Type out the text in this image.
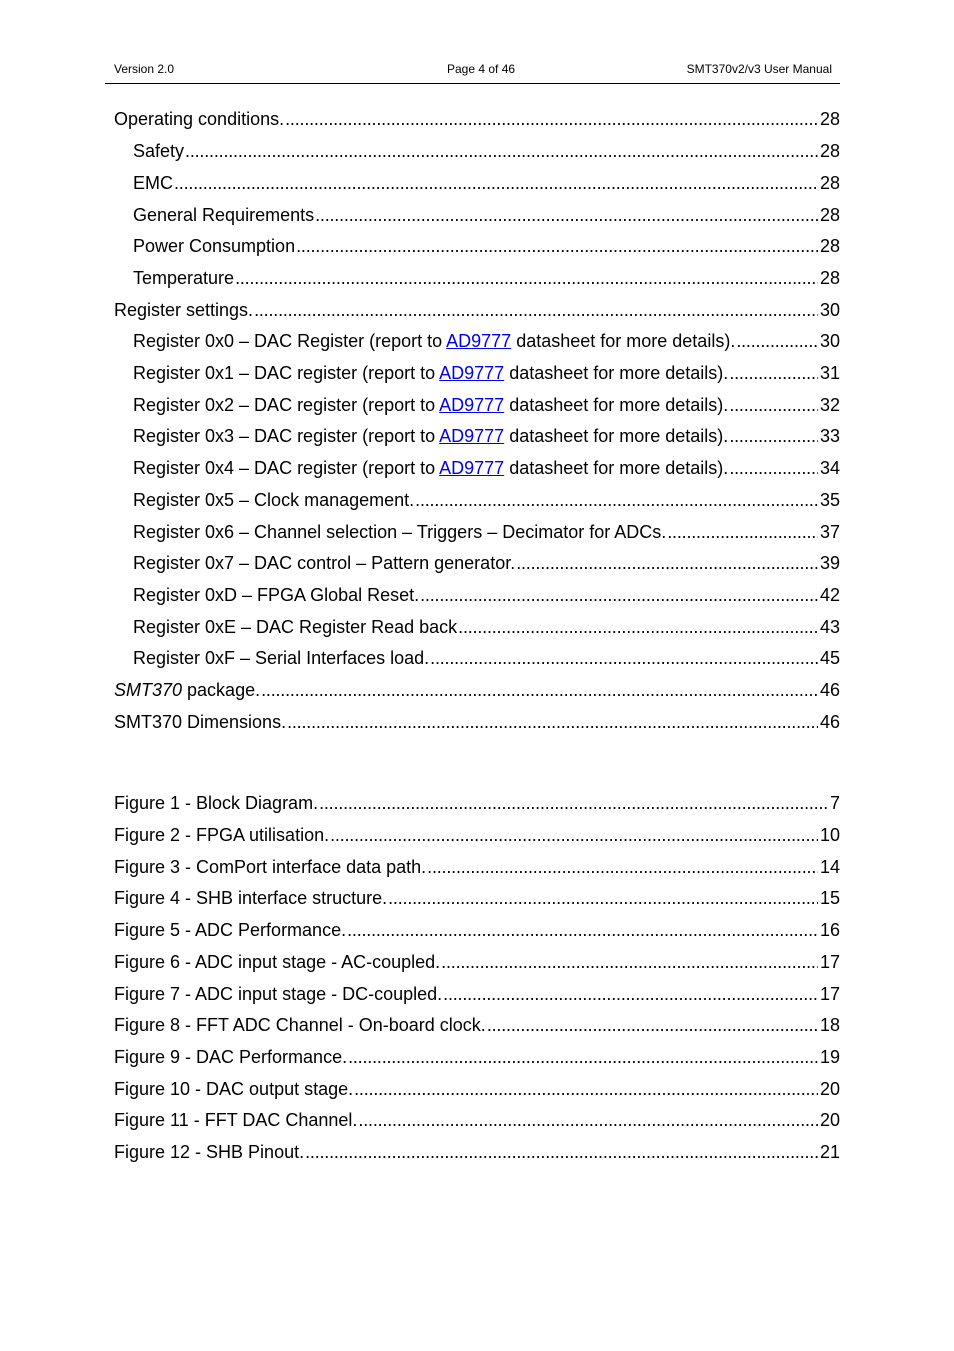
Version 2.0	Page 4 of 46	SMT370v2/v3 User Manual
Operating conditions. . . .	28
Safety . . .	28
EMC . . .	28
General Requirements . . .	28
Power Consumption . . .	28
Temperature . . .	28
Register settings. . . .	30
Register 0x0 – DAC Register (report to AD9777 datasheet for more details). . . .	30
Register 0x1 – DAC register (report to AD9777 datasheet for more details). . . .	31
Register 0x2 – DAC register (report to AD9777 datasheet for more details). . . .	32
Register 0x3 – DAC register (report to AD9777 datasheet for more details). . . .	33
Register 0x4 – DAC register (report to AD9777 datasheet for more details). . . .	34
Register 0x5 – Clock management. . . .	35
Register 0x6 – Channel selection – Triggers – Decimator for ADCs. . . .	37
Register 0x7 – DAC control – Pattern generator. . . .	39
Register 0xD – FPGA Global Reset. . . .	42
Register 0xE – DAC Register Read back . . .	43
Register 0xF – Serial Interfaces load. . . .	45
SMT370 package. . . .	46
SMT370 Dimensions. . . .	46
Figure 1 - Block Diagram. . . .	7
Figure 2 - FPGA utilisation. . . .	10
Figure 3 - ComPort interface data path. . . .	14
Figure 4 - SHB interface structure. . . .	15
Figure 5 - ADC Performance. . . .	16
Figure 6 - ADC input stage - AC-coupled. . . .	17
Figure 7 - ADC input stage - DC-coupled. . . .	17
Figure 8 - FFT ADC Channel - On-board clock. . . .	18
Figure 9 - DAC Performance. . . .	19
Figure 10 - DAC output stage. . . .	20
Figure 11 - FFT DAC Channel. . . .	20
Figure 12 - SHB Pinout. . . .	21
